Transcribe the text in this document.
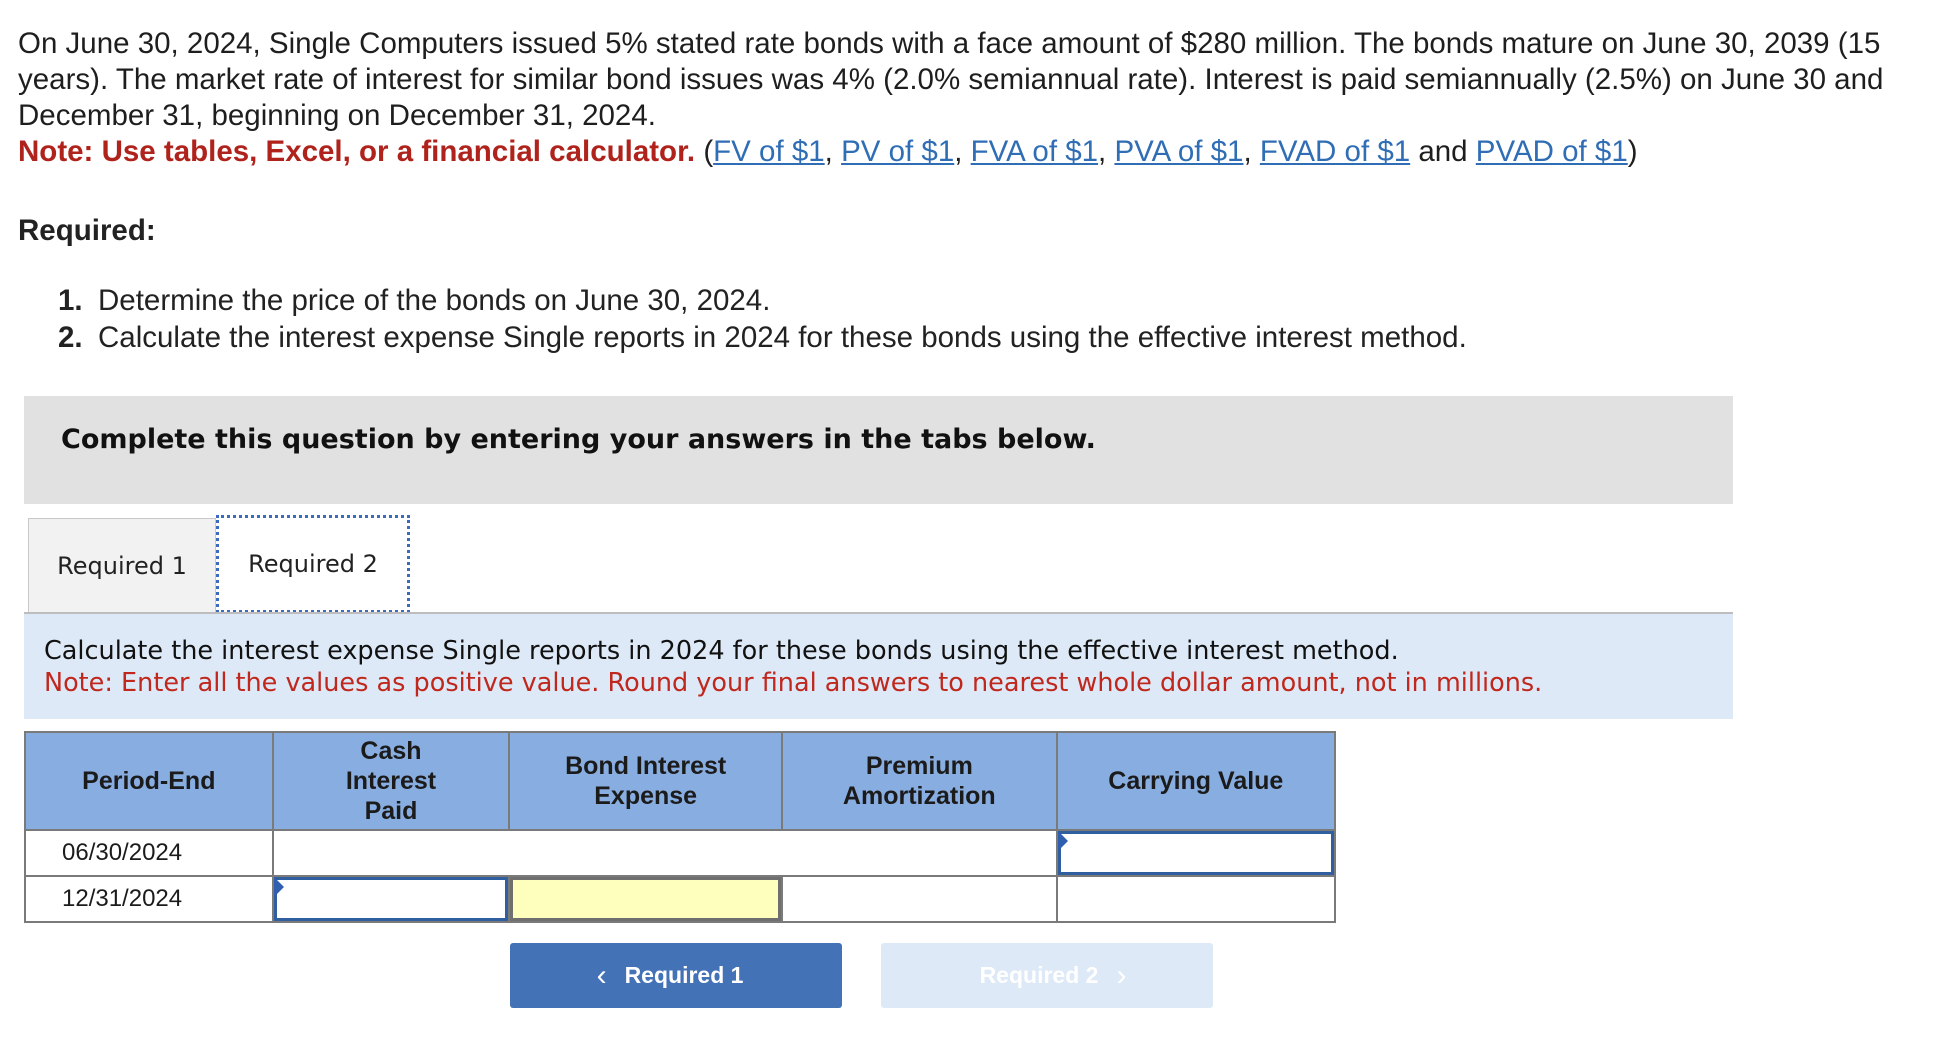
On June 30, 2024, Single Computers issued 5% stated rate bonds with a face amount of $280 million. The bonds mature on June 30, 2039 (15 years). The market rate of interest for similar bond issues was 4% (2.0% semiannual rate). Interest is paid semiannually (2.5%) on June 30 and December 31, beginning on December 31, 2024.

Note: Use tables, Excel, or a financial calculator. (FV of $1, PV of $1, FVA of $1, PVA of $1, FVAD of $1 and PVAD of $1)

Required:
1. Determine the price of the bonds on June 30, 2024.
2. Calculate the interest expense Single reports in 2024 for these bonds using the effective interest method.
Complete this question by entering your answers in the tabs below.
Required 1	Required 2
Calculate the interest expense Single reports in 2024 for these bonds using the effective interest method.
Note: Enter all the values as positive value. Round your final answers to nearest whole dollar amount, not in millions.
Period-End	Cash Interest Paid	Bond Interest Expense	Premium Amortization	Carrying Value
06/30/2024				

12/31/2024	

‹ Required 1	Required 2 ›
